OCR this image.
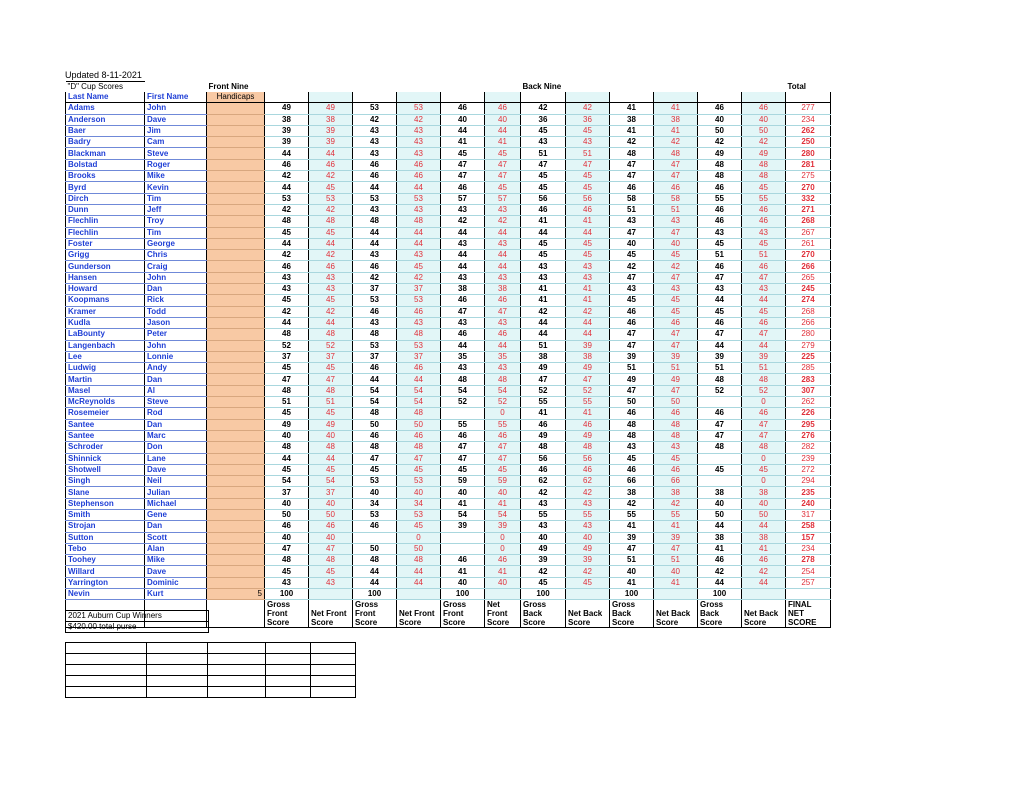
Updated 8-11-2021
"D" Cup Scores		Front Nine							Back Nine						Total
Last Name	First Name	Handicaps													
Adams	John		49	49	53	53	46	46	42	42	41	41	46	46	277
Anderson	Dave		38	38	42	42	40	40	36	36	38	38	40	40	234
Baer	Jim		39	39	43	43	44	44	45	45	41	41	50	50	262
Badry	Cam		39	39	43	43	41	41	43	43	42	42	42	42	250
Blackman	Steve		44	44	43	43	45	45	51	51	48	48	49	49	280
Bolstad	Roger		46	46	46	46	47	47	47	47	47	47	48	48	281
Brooks	Mike		42	42	46	46	47	47	45	45	47	47	48	48	275
Byrd	Kevin		44	45	44	44	46	45	45	45	46	46	46	45	270
Dirch	Tim		53	53	53	53	57	57	56	56	58	58	55	55	332
Dunn	Jeff		42	42	43	43	43	43	46	46	51	51	46	46	271
Flechlin	Troy		48	48	48	48	42	42	41	41	43	43	46	46	268
Flechlin	Tim		45	45	44	44	44	44	44	44	47	47	43	43	267
Foster	George		44	44	44	44	43	43	45	45	40	40	45	45	261
Grigg	Chris		42	42	43	43	44	44	45	45	45	45	51	51	270
Gunderson	Craig		46	46	46	45	44	44	43	43	42	42	46	46	266
Hansen	John		43	43	42	42	43	43	43	43	47	47	47	47	265
Howard	Dan		43	43	37	37	38	38	41	41	43	43	43	43	245
Koopmans	Rick		45	45	53	53	46	46	41	41	45	45	44	44	274
Kramer	Todd		42	42	46	46	47	47	42	42	46	45	45	45	268
Kudla	Jason		44	44	43	43	43	43	44	44	46	46	46	46	266
LaBounty	Peter		48	48	48	48	46	46	44	44	47	47	47	47	280
Langenbach	John		52	52	53	53	44	44	51	39	47	47	44	44	279
Lee	Lonnie		37	37	37	37	35	35	38	38	39	39	39	39	225
Ludwig	Andy		45	45	46	46	43	43	49	49	51	51	51	51	285
Martin	Dan		47	47	44	44	48	48	47	47	49	49	48	48	283
Masel	Al		48	48	54	54	54	54	52	52	47	47	52	52	307
McReynolds	Steve		51	51	54	54	52	52	55	55	50	50		0	262
Rosemeier	Rod		45	45	48	48		0	41	41	46	46	46	46	226
Santee	Dan		49	49	50	50	55	55	46	46	48	48	47	47	295
Santee	Marc		40	40	46	46	46	46	49	49	48	48	47	47	276
Schroder	Don		48	48	48	48	47	47	48	48	43	43	48	48	282
Shinnick	Lane		44	44	47	47	47	47	56	56	45	45		0	239
Shotwell	Dave		45	45	45	45	45	45	46	46	46	46	45	45	272
Singh	Neil		54	54	53	53	59	59	62	62	66	66		0	294
Slane	Julian		37	37	40	40	40	40	42	42	38	38	38	38	235
Stephenson	Michael		40	40	34	34	41	41	43	43	42	42	40	40	240
Smith	Gene		50	50	53	53	54	54	55	55	55	55	50	50	317
Strojan	Dan		46	46	46	45	39	39	43	43	41	41	44	44	258
Sutton	Scott		40	40		0		0	40	40	39	39	38	38	157
Tebo	Alan		47	47	50	50		0	49	49	47	47	41	41	234
Toohey	Mike		48	48	48	48	46	46	39	39	51	51	46	46	278
Willard	Dave		45	45	44	44	41	41	42	42	40	40	42	42	254
Yarrington	Dominic		43	43	44	44	40	40	45	45	41	41	44	44	257
Nevin	Kurt	5	100		100		100		100		100		100		
			Gross		Gross		Gross	Net	Gross		Gross		Gross		FINAL
			Front	Net Front	Front	Net Front	Front	Front	Back	Net Back	Back	Net Back	Back	Net Back	NET
			Score	Score	Score	Score	Score	Score	Score	Score	Score	Score	Score	Score	SCORE
2021 Auburn Cup Winners
$420.00 total purse
